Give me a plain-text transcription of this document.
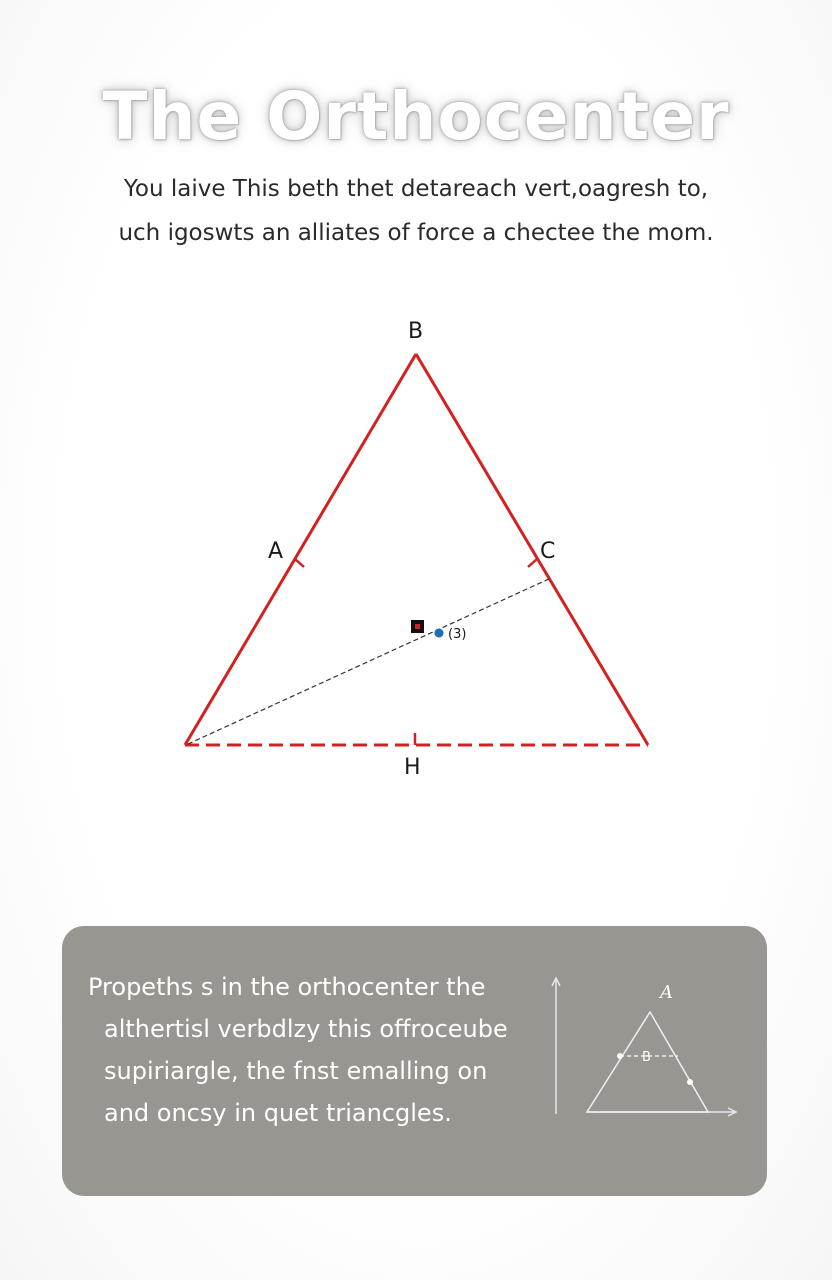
The Orthocenter
You laive This beth thet detareach vert,oagresh to,
uch igoswts an alliates of force a chectee the mom.
(3)
B
A	C
H
Propeths s in the orthocenter the
althertisl verbdlzy this offroceube
supiriargle, the fnst emalling on
and oncsy in quet triancgles.
A
B
